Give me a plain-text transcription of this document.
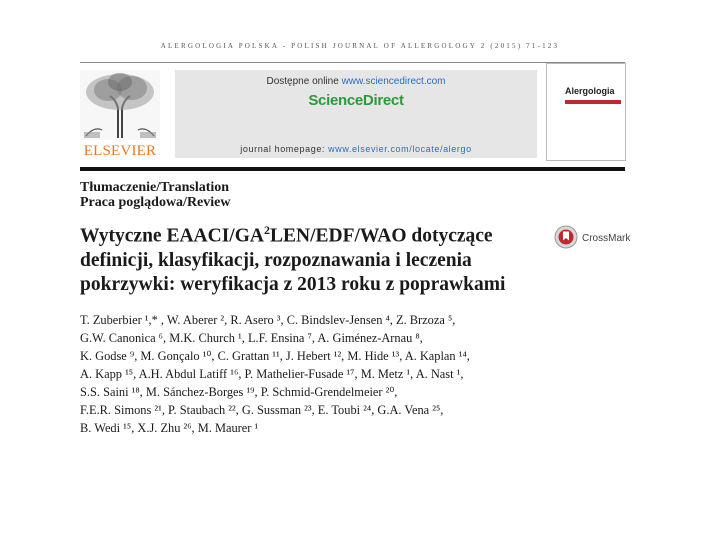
ALERGOLOGIA POLSKA - POLISH JOURNAL OF ALLERGOLOGY 2 (2015) 71-123
ELSEVIER
Dostępne online www.sciencedirect.com
ScienceDirect
journal homepage: www.elsevier.com/locate/alergo
Alergologia
Tłumaczenie/Translation
Praca poglądowa/Review
Wytyczne EAACI/$GA^2LEN/EDF$/WAO dotyczące definicji, klasyfikacji, rozpoznawania i leczenia pokrzywki: weryfikacja z 2013 roku z poprawkami
CrossMark
T. Zuberbier ¹,* , W. Aberer ², R. Asero ³, C. Bindslev-Jensen ⁴, Z. Brzoza ⁵,
G.W. Canonica ⁶, M.K. Church ¹, L.F. Ensina ⁷, A. Giménez-Arnau ⁸,
K. Godse ⁹, M. Gonçalo ¹⁰, C. Grattan ¹¹, J. Hebert ¹², M. Hide ¹³, A. Kaplan ¹⁴,
A. Kapp ¹⁵, A.H. Abdul Latiff ¹⁶, P. Mathelier-Fusade ¹⁷, M. Metz ¹, A. Nast ¹,
S.S. Saini ¹⁸, M. Sánchez-Borges ¹⁹, P. Schmid-Grendelmeier ²⁰,
F.E.R. Simons ²¹, P. Staubach ²², G. Sussman ²³, E. Toubi ²⁴, G.A. Vena ²⁵,
B. Wedi ¹⁵, X.J. Zhu ²⁶, M. Maurer ¹
